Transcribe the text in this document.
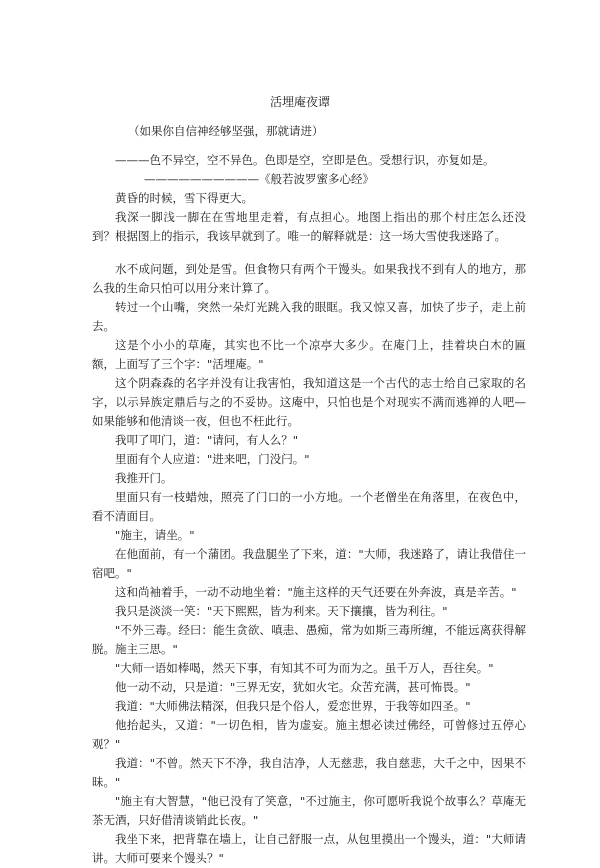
活埋庵夜谭
（如果你自信神经够坚强，那就请进）

———色不异空，空不异色。色即是空，空即是色。受想行识，亦复如是。

——————————《般若波罗蜜多心经》

黄昏的时候，雪下得更大。

我深一脚浅一脚在在雪地里走着，有点担心。地图上指出的那个村庄怎么还没到？根据图上的指示，我该早就到了。唯一的解释就是：这一场大雪使我迷路了。

水不成问题，到处是雪。但食物只有两个干馒头。如果我找不到有人的地方，那么我的生命只怕可以用分来计算了。

转过一个山嘴，突然一朵灯光跳入我的眼眶。我又惊又喜，加快了步子，走上前去。

这是个小小的草庵，其实也不比一个凉亭大多少。在庵门上，挂着块白木的匾额，上面写了三个字："活埋庵。"

这个阴森森的名字并没有让我害怕，我知道这是一个古代的志士给自己家取的名字，以示异族定鼎后与之的不妥协。这庵中，只怕也是个对现实不满而逃禅的人吧—如果能够和他清谈一夜，但也不枉此行。

我叩了叩门，道："请问，有人么？"

里面有个人应道："进来吧，门没闩。"

我推开门。

里面只有一枝蜡烛，照亮了门口的一小方地。一个老僧坐在角落里，在夜色中，看不清面目。

"施主，请坐。"

在他面前，有一个蒲团。我盘腿坐了下来，道："大师，我迷路了，请让我借住一宿吧。"

这和尚袖着手，一动不动地坐着："施主这样的天气还要在外奔波，真是辛苦。"

我只是淡淡一笑："天下熙熙，皆为利来。天下攘攘，皆为利往。"

"不外三毒。经曰：能生贪欲、嗔恚、愚痴，常为如斯三毒所缠，不能远离获得解脱。施主三思。"

"大师一语如棒喝，然天下事，有知其不可为而为之。虽千万人，吾往矣。"

他一动不动，只是道："三界无安，犹如火宅。众苦充满，甚可怖畏。"

我道："大师佛法精深，但我只是个俗人，爱恋世界，于我等如四圣。"

他抬起头，又道："一切色相，皆为虚妄。施主想必读过佛经，可曾修过五停心观？"

我道："不曾。然天下不净，我自洁净，人无慈悲，我自慈悲，大千之中，因果不昧。"

"施主有大智慧，"他已没有了笑意，"不过施主，你可愿听我说个故事么？草庵无茶无酒，只好借清谈销此长夜。"

我坐下来，把背靠在墙上，让自己舒服一点，从包里摸出一个馒头，道："大师请讲。大师可要来个馒头？"
